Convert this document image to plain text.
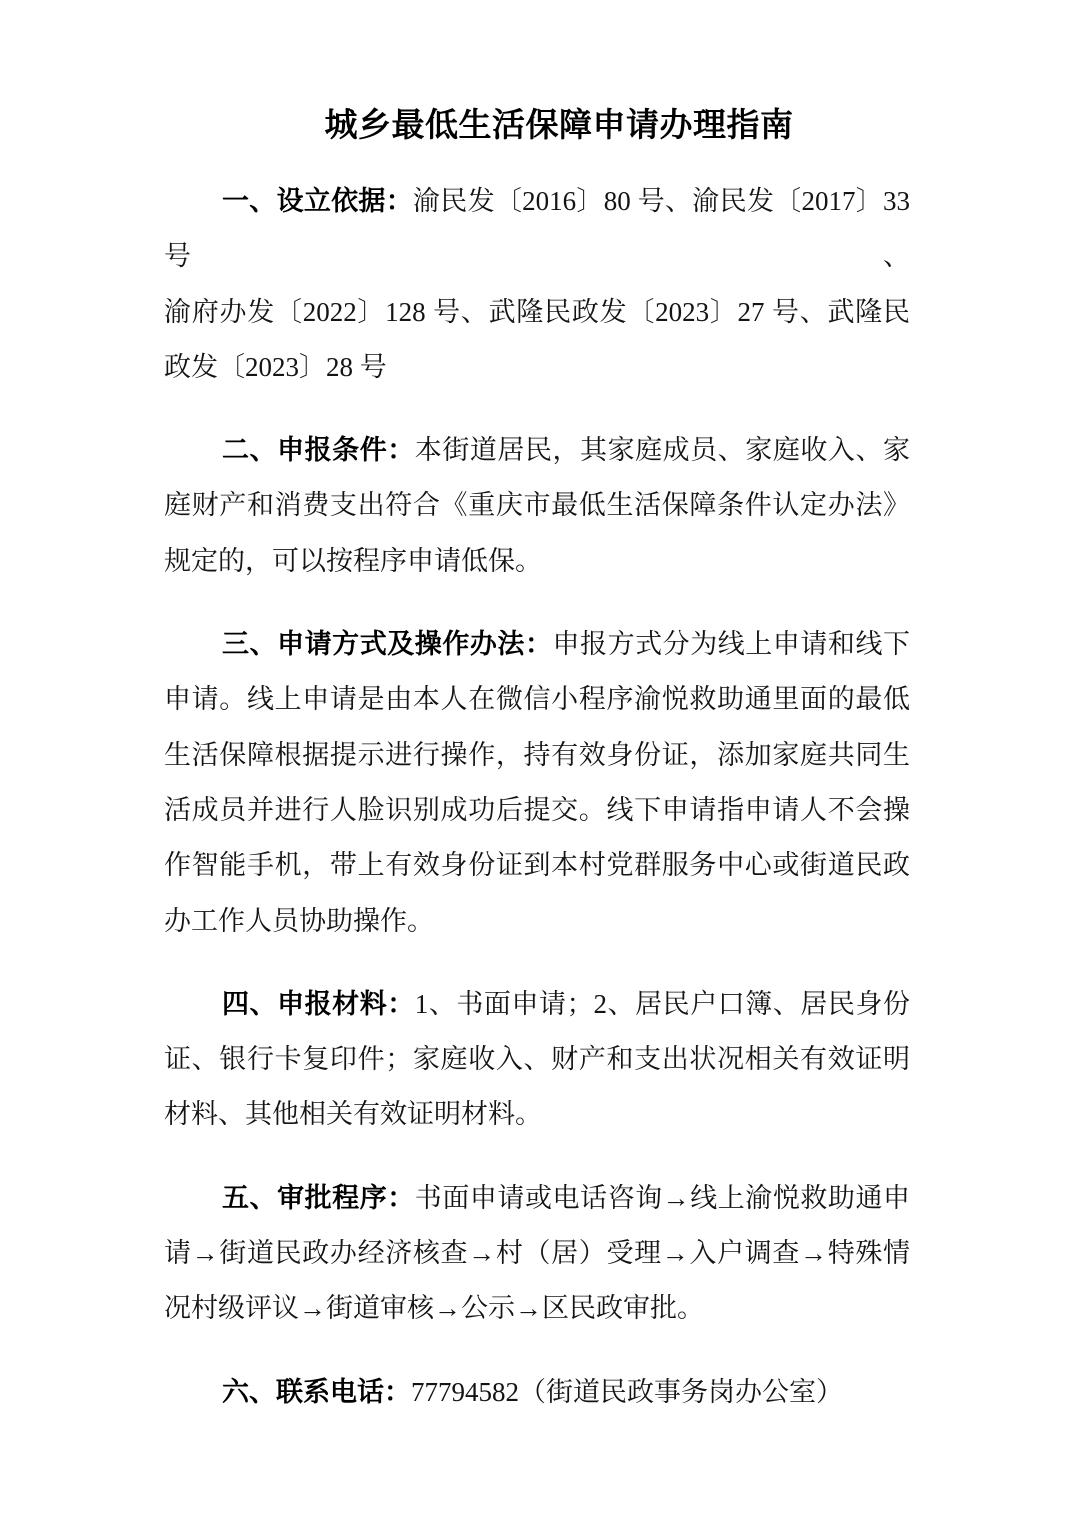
城乡最低生活保障申请办理指南

一、设立依据：渝民发〔2016〕80 号、渝民发〔2017〕33 号、

渝府办发〔2022〕128 号、武隆民政发〔2023〕27 号、武隆民

政发〔2023〕28 号

二、申报条件：本街道居民，其家庭成员、家庭收入、家

庭财产和消费支出符合《重庆市最低生活保障条件认定办法》

规定的，可以按程序申请低保。

三、申请方式及操作办法：申报方式分为线上申请和线下

申请。线上申请是由本人在微信小程序渝悦救助通里面的最低

生活保障根据提示进行操作，持有效身份证，添加家庭共同生

活成员并进行人脸识别成功后提交。线下申请指申请人不会操

作智能手机，带上有效身份证到本村党群服务中心或街道民政

办工作人员协助操作。

四、申报材料：1、书面申请；2、居民户口簿、居民身份

证、银行卡复印件；家庭收入、财产和支出状况相关有效证明

材料、其他相关有效证明材料。

五、审批程序：书面申请或电话咨询→线上渝悦救助通申

请→街道民政办经济核查→村（居）受理→入户调查→特殊情

况村级评议→街道审核→公示→区民政审批。

六、联系电话：77794582（街道民政事务岗办公室）
